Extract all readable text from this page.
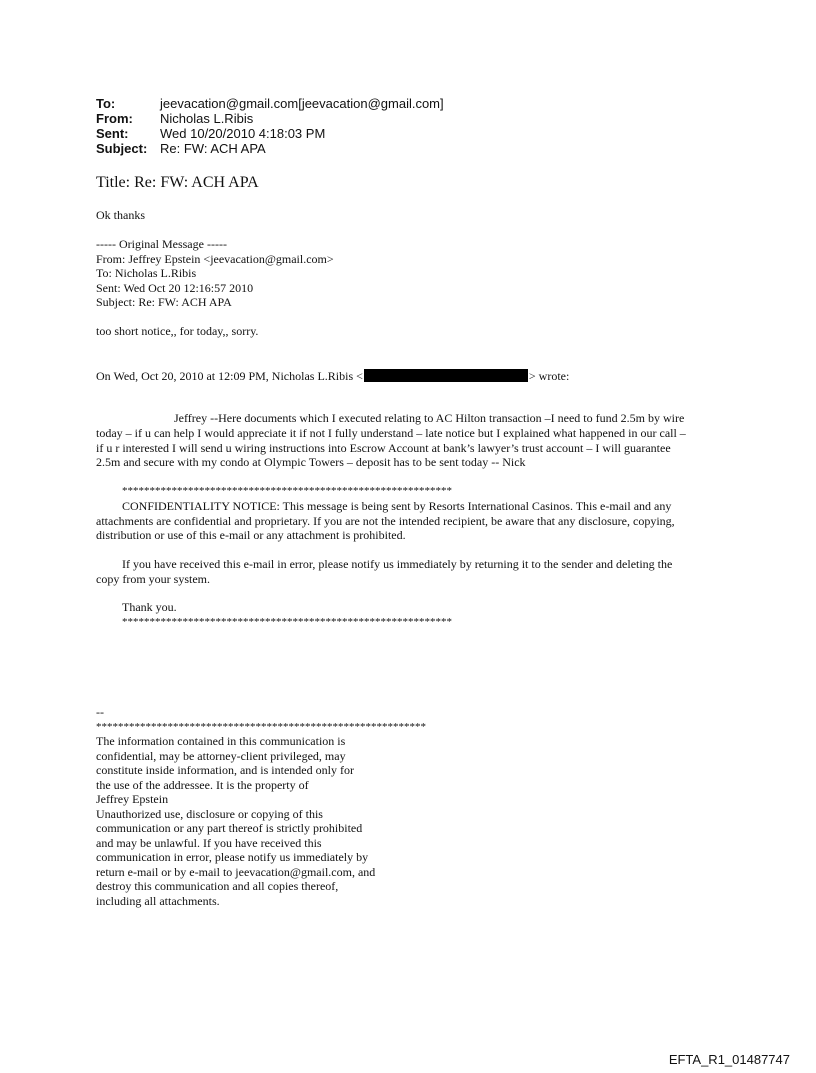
To:	jeevacation@gmail.com[jeevacation@gmail.com]
From:	Nicholas L.Ribis
Sent:	Wed 10/20/2010 4:18:03 PM
Subject: Re: FW: ACH APA
Title: Re: FW: ACH APA
Ok thanks
----- Original Message -----
From: Jeffrey Epstein <jeevacation@gmail.com>
To: Nicholas L.Ribis
Sent: Wed Oct 20 12:16:57 2010
Subject: Re: FW: ACH APA
too short notice,, for today,, sorry.
On Wed, Oct 20, 2010 at 12:09 PM, Nicholas L.Ribis <	> wrote:
Jeffrey --Here documents which I executed relating to AC Hilton transaction –I need to fund 2.5m by wire
today – if u can help I would appreciate it if not I fully understand – late notice but I explained what happened in our call –
if u r interested I will send u wiring instructions into Escrow Account at bank’s lawyer’s trust account – I will guarantee
2.5m and secure with my condo at Olympic Towers – deposit has to be sent today -- Nick
************************************************************
CONFIDENTIALITY NOTICE: This message is being sent by Resorts International Casinos. This e-mail and any
attachments are confidential and proprietary. If you are not the intended recipient, be aware that any disclosure, copying,
distribution or use of this e-mail or any attachment is prohibited.
If you have received this e-mail in error, please notify us immediately by returning it to the sender and deleting the
copy from your system.
Thank you.
************************************************************
--
************************************************************
The information contained in this communication is
confidential, may be attorney-client privileged, may
constitute inside information, and is intended only for
the use of the addressee. It is the property of
Jeffrey Epstein
Unauthorized use, disclosure or copying of this
communication or any part thereof is strictly prohibited
and may be unlawful. If you have received this
communication in error, please notify us immediately by
return e-mail or by e-mail to jeevacation@gmail.com, and
destroy this communication and all copies thereof,
including all attachments.
EFTA_R1_01487747
